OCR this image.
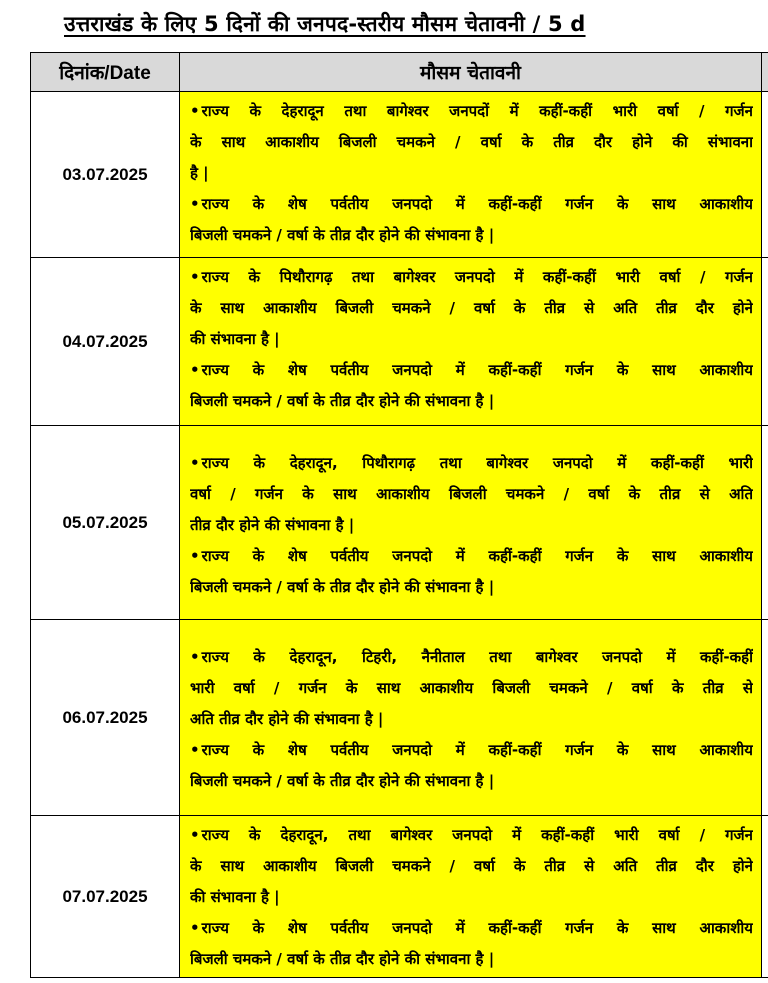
उत्तराखंड के लिए 5 दिनों की जनपद-स्तरीय मौसम चेतावनी / 5 d
दिनांक/Date	मौसम चेतावनी	
03.07.2025	• राज्य के देहरादून तथा बागेश्वर जनपदों में कहीं-कहीं भारी वर्षा / गर्जन
के साथ आकाशीय बिजली चमकने / वर्षा के तीव्र दौर होने की संभावना
है |
• राज्य के शेष पर्वतीय जनपदो में कहीं-कहीं गर्जन के साथ आकाशीय
बिजली चमकने / वर्षा के तीव्र दौर होने की संभावना है |	

04.07.2025	• राज्य के पिथौरागढ़ तथा बागेश्वर जनपदो में कहीं-कहीं भारी वर्षा / गर्जन
के साथ आकाशीय बिजली चमकने / वर्षा के तीव्र से अति तीव्र दौर होने
की संभावना है |
• राज्य के शेष पर्वतीय जनपदो में कहीं-कहीं गर्जन के साथ आकाशीय
बिजली चमकने / वर्षा के तीव्र दौर होने की संभावना है |	

05.07.2025	• राज्य के देहरादून, पिथौरागढ़ तथा बागेश्वर जनपदो में कहीं-कहीं भारी
वर्षा / गर्जन के साथ आकाशीय बिजली चमकने / वर्षा के तीव्र से अति
तीव्र दौर होने की संभावना है |
• राज्य के शेष पर्वतीय जनपदो में कहीं-कहीं गर्जन के साथ आकाशीय
बिजली चमकने / वर्षा के तीव्र दौर होने की संभावना है |	

06.07.2025	• राज्य के देहरादून, टिहरी, नैनीताल तथा बागेश्वर जनपदो में कहीं-कहीं
भारी वर्षा / गर्जन के साथ आकाशीय बिजली चमकने / वर्षा के तीव्र से
अति तीव्र दौर होने की संभावना है |
• राज्य के शेष पर्वतीय जनपदो में कहीं-कहीं गर्जन के साथ आकाशीय
बिजली चमकने / वर्षा के तीव्र दौर होने की संभावना है |	

07.07.2025	• राज्य के देहरादून, तथा बागेश्वर जनपदो में कहीं-कहीं भारी वर्षा / गर्जन
के साथ आकाशीय बिजली चमकने / वर्षा के तीव्र से अति तीव्र दौर होने
की संभावना है |
• राज्य के शेष पर्वतीय जनपदो में कहीं-कहीं गर्जन के साथ आकाशीय
बिजली चमकने / वर्षा के तीव्र दौर होने की संभावना है |	
